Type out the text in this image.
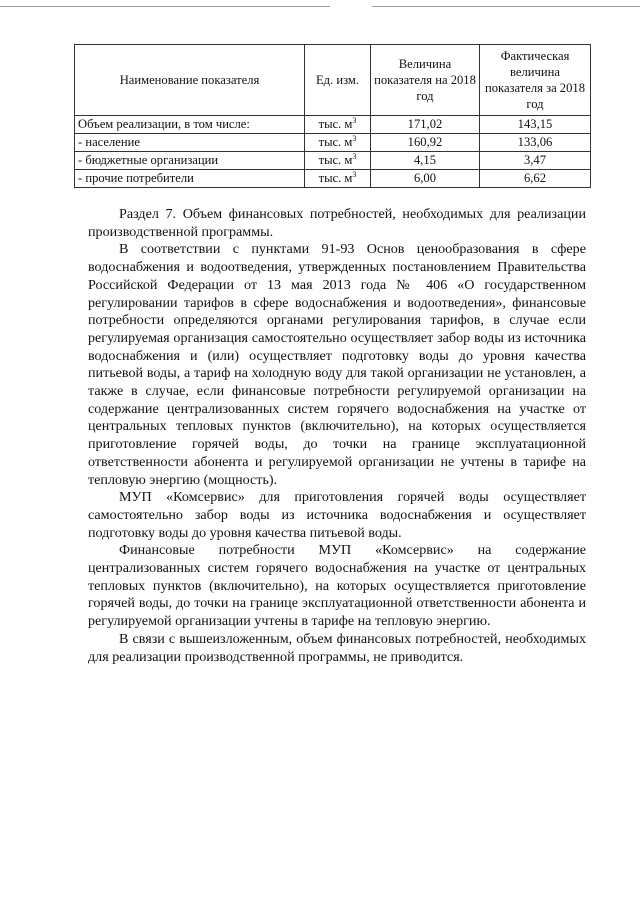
Наименование показателя	Ед. изм.	Величина показателя на 2018 год	Фактическая величина показателя за 2018 год
Объем реализации, в том числе:	тыс. $м^3$	171,02	143,15
- население	тыс. $м^3$	160,92	133,06
- бюджетные организации	тыс. $м^3$	4,15	3,47
- прочие потребители	тыс. $м^3$	6,00	6,62

Раздел 7. Объем финансовых потребностей, необходимых для реализации производственной программы.

В соответствии с пунктами 91-93 Основ ценообразования в сфере водоснабжения и водоотведения, утвержденных постановлением Правительства Российской Федерации от 13 мая 2013 года № 406 «О государственном регулировании тарифов в сфере водоснабжения и водоотведения», финансовые потребности определяются органами регулирования тарифов, в случае если регулируемая организация самостоятельно осуществляет забор воды из источника водоснабжения и (или) осуществляет подготовку воды до уровня качества питьевой воды, а тариф на холодную воду для такой организации не установлен, а также в случае, если финансовые потребности регулируемой организации на содержание централизованных систем горячего водоснабжения на участке от центральных тепловых пунктов (включительно), на которых осуществляется приготовление горячей воды, до точки на границе эксплуатационной ответственности абонента и регулируемой организации не учтены в тарифе на тепловую энергию (мощность).

МУП «Комсервис» для приготовления горячей воды осуществляет самостоятельно забор воды из источника водоснабжения и осуществляет подготовку воды до уровня качества питьевой воды.

Финансовые потребности МУП «Комсервис» на содержание централизованных систем горячего водоснабжения на участке от центральных тепловых пунктов (включительно), на которых осуществляется приготовление горячей воды, до точки на границе эксплуатационной ответственности абонента и регулируемой организации учтены в тарифе на тепловую энергию.

В связи с вышеизложенным, объем финансовых потребностей, необходимых для реализации производственной программы, не приводится.
